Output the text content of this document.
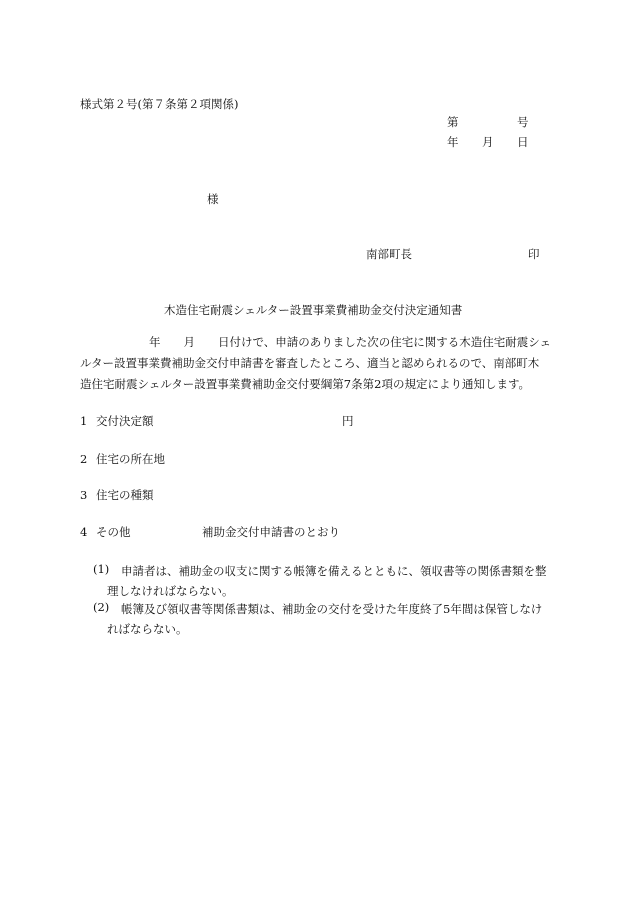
様式第２号(第７条第２項関係)
第	号
年 月 日
様
南部町長	印
木造住宅耐震シェルター設置事業費補助金交付決定通知書
　　　　　　年　　月　　日付けで、申請のありました次の住宅に関する木造住宅耐震シェ
ルター設置事業費補助金交付申請書を審査したところ、適当と認められるので、南部町木
造住宅耐震シェルター設置事業費補助金交付要綱第7条第2項の規定により通知します。
1 交付決定額	円
2 住宅の所在地
3 住宅の種類
4 その他	補助金交付申請書のとおり
(1) 申請者は、補助金の収支に関する帳簿を備えるとともに、領収書等の関係書類を整
理しなければならない。
(2) 帳簿及び領収書等関係書類は、補助金の交付を受けた年度終了5年間は保管しなけ
ればならない。
